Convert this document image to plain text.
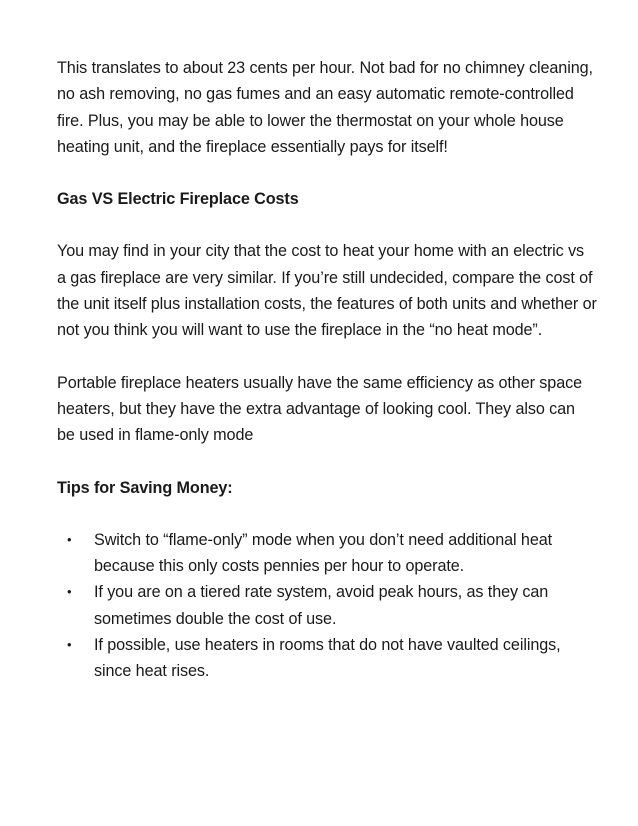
This translates to about 23 cents per hour. Not bad for no chimney cleaning, no ash removing, no gas fumes and an easy automatic remote-controlled fire. Plus, you may be able to lower the thermostat on your whole house heating unit, and the fireplace essentially pays for itself!

Gas VS Electric Fireplace Costs

You may find in your city that the cost to heat your home with an electric vs a gas fireplace are very similar. If you’re still undecided, compare the cost of the unit itself plus installation costs, the features of both units and whether or not you think you will want to use the fireplace in the “no heat mode”.

Portable fireplace heaters usually have the same efficiency as other space heaters, but they have the extra advantage of looking cool. They also can be used in flame-only mode

Tips for Saving Money:
• Switch to “flame-only” mode when you don’t need additional heat because this only costs pennies per hour to operate.
• If you are on a tiered rate system, avoid peak hours, as they can sometimes double the cost of use.
• If possible, use heaters in rooms that do not have vaulted ceilings, since heat rises.
